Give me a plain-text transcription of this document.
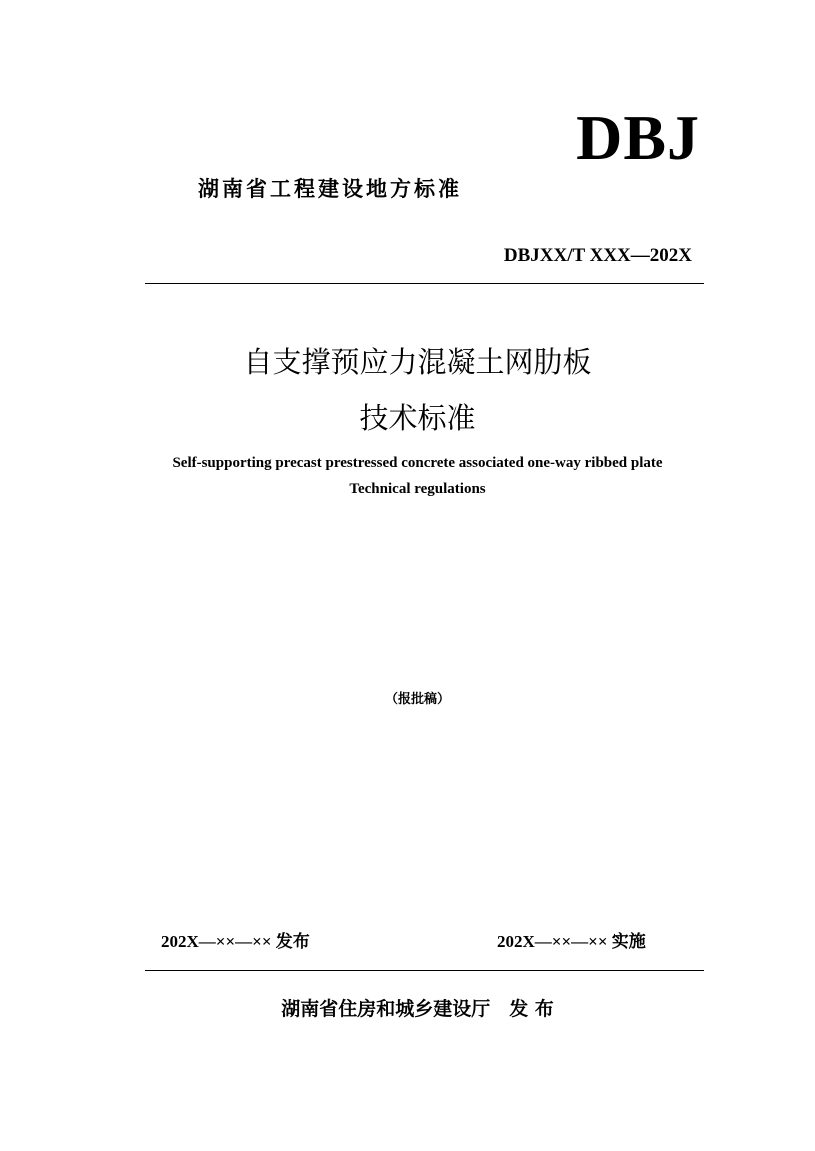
DBJ
湖南省工程建设地方标准
DBJXX/T XXX—202X
自支撑预应力混凝土网肋板
技术标准
Self-supporting precast prestressed concrete associated one-way ribbed plate
Technical regulations
（报批稿）
202X—××—×× 发布	202X—××—×× 实施
湖南省住房和城乡建设厅　发 布
